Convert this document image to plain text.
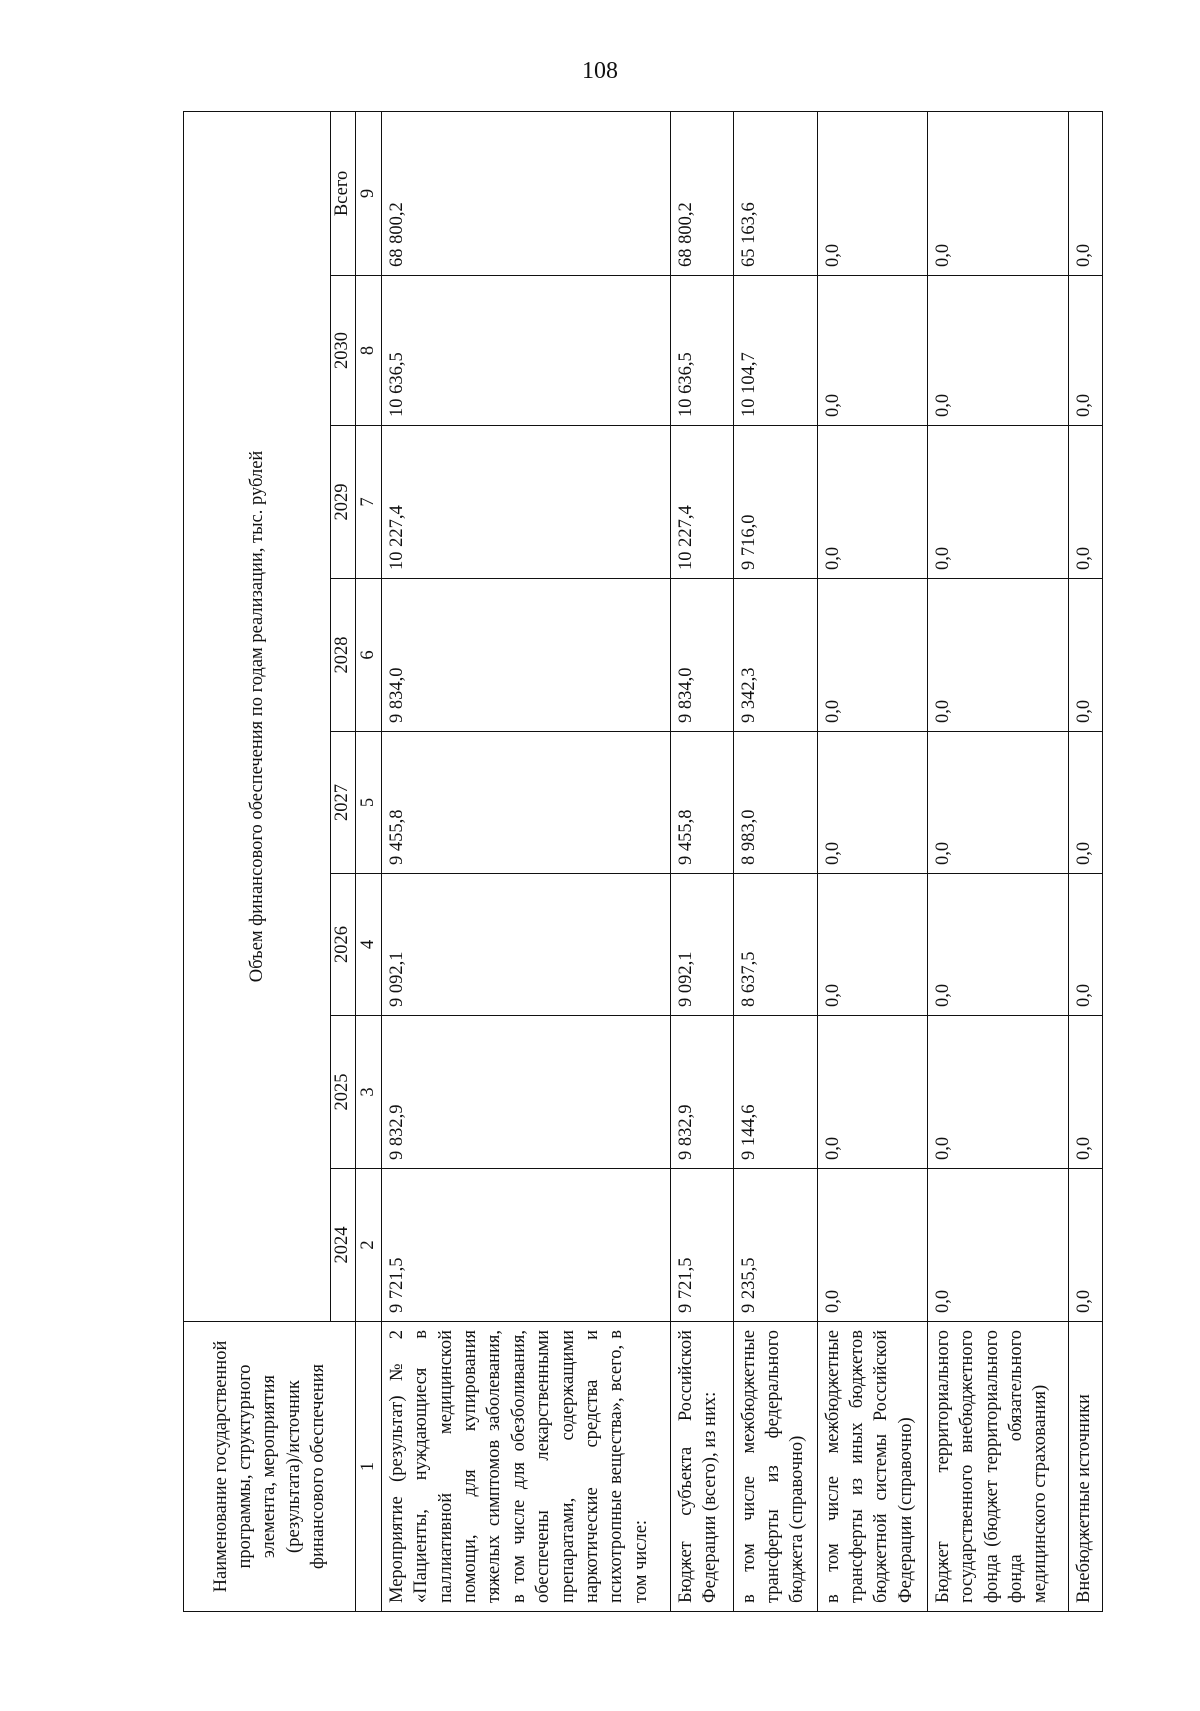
108
Наименование государственной программы, структурного элемента, мероприятия (результата)/источник финансового обеспечения	Объем финансового обеспечения по годам реализации, тыс. рублей							
	2024	2025	2026	2027	2028	2029	2030	Всего
1	2	3	4	5	6	7	8	9
Мероприятие (результат) № 2 «Пациенты, нуждающиеся в паллиативной медицинской помощи, для купирования тяжелых симптомов заболевания, в том числе для обезболивания, обеспечены лекарственными препаратами, содержащими наркотические средства и психотропные вещества», всего, в том числе:	9 721,5	9 832,9	9 092,1	9 455,8	9 834,0	10 227,4	10 636,5	68 800,2
Бюджет субъекта Российской Федерации (всего), из них:	9 721,5	9 832,9	9 092,1	9 455,8	9 834,0	10 227,4	10 636,5	68 800,2
в том числе межбюджетные трансферты из федерального бюджета (справочно)	9 235,5	9 144,6	8 637,5	8 983,0	9 342,3	9 716,0	10 104,7	65 163,6
в том числе межбюджетные трансферты из иных бюджетов бюджетной системы Российской Федерации (справочно)	0,0	0,0	0,0	0,0	0,0	0,0	0,0	0,0
Бюджет территориального государственного внебюджетного фонда (бюджет территориального фонда обязательного медицинского страхования)	0,0	0,0	0,0	0,0	0,0	0,0	0,0	0,0
Внебюджетные источники	0,0	0,0	0,0	0,0	0,0	0,0	0,0	0,0
